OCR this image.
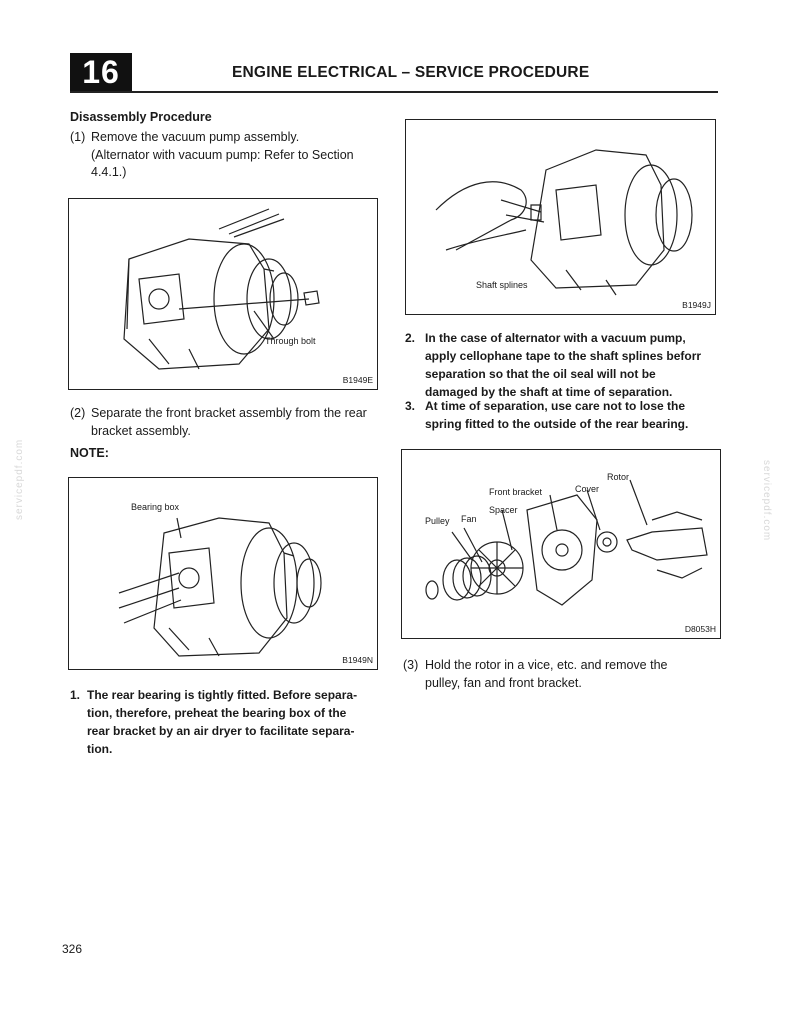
16	ENGINE ELECTRICAL – SERVICE PROCEDURE
Disassembly Procedure
(1) Remove the vacuum pump assembly.
(Alternator with vacuum pump: Refer to Section
4.4.1.)
Through bolt
B1949E
(2) Separate the front bracket assembly from the rear
bracket assembly.
NOTE:
Bearing box
B1949N
1. The rear bearing is tightly fitted. Before separa-
tion, therefore, preheat the bearing box of the
rear bracket by an air dryer to facilitate separa-
tion.
Shaft splines
B1949J
2. In the case of alternator with a vacuum pump,
apply cellophane tape to the shaft splines beforr
separation so that the oil seal will not be
damaged by the shaft at time of separation.
3. At time of separation, use care not to lose the
spring fitted to the outside of the rear bearing.
Rotor
Front bracket	Cover
Spacer
Fan
Pulley
D8053H
(3) Hold the rotor in a vice, etc. and remove the
pulley, fan and front bracket.
servicepdf.com	servicepdf.com
326
